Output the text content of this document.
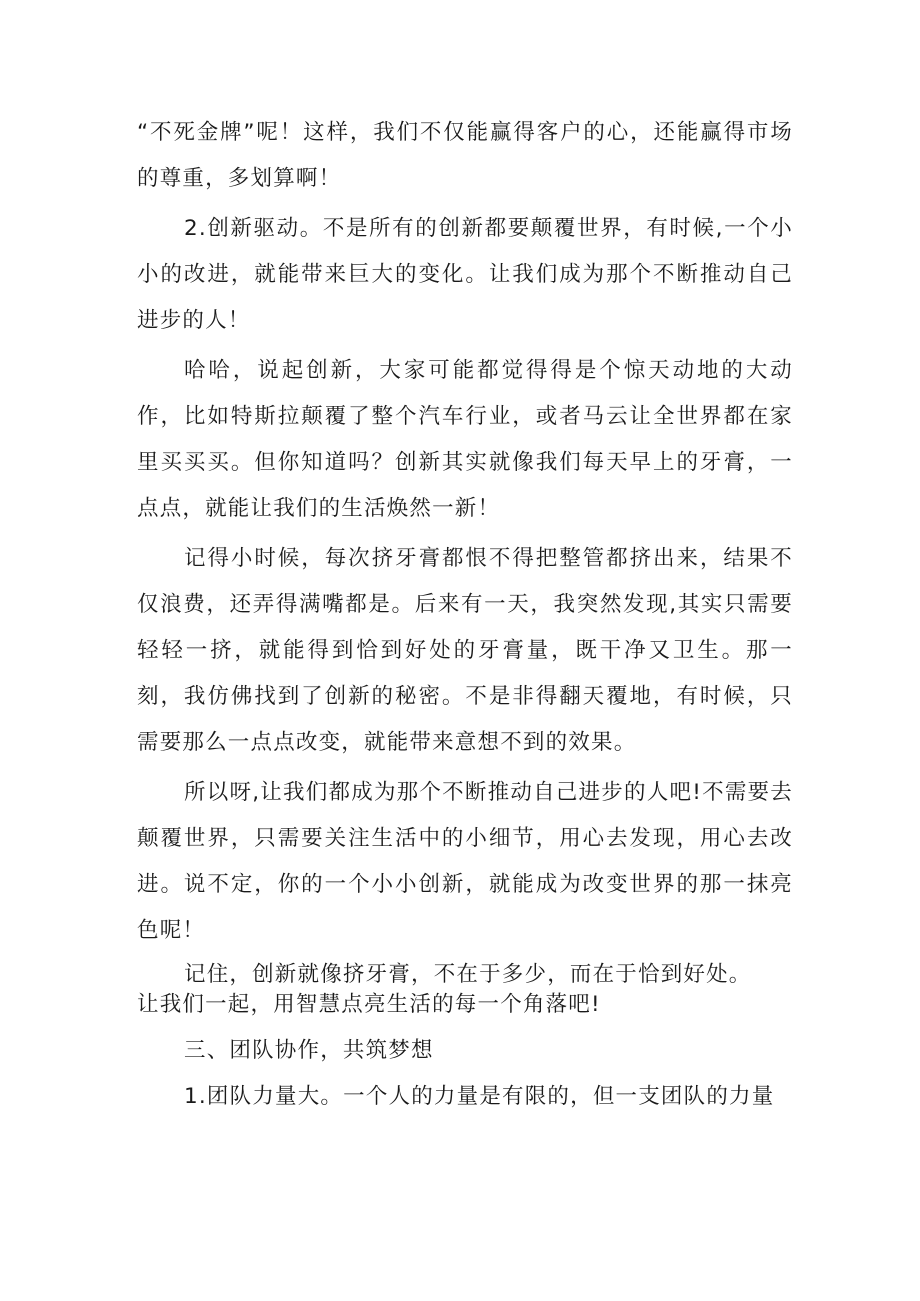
“不死金牌”呢！这样，我们不仅能赢得客户的心，还能赢得市场的尊重，多划算啊！

2.创新驱动。不是所有的创新都要颠覆世界，有时候,一个小小的改进，就能带来巨大的变化。让我们成为那个不断推动自己进步的人！

哈哈，说起创新，大家可能都觉得得是个惊天动地的大动作，比如特斯拉颠覆了整个汽车行业，或者马云让全世界都在家里买买买。但你知道吗？创新其实就像我们每天早上的牙膏，一点点，就能让我们的生活焕然一新！

记得小时候，每次挤牙膏都恨不得把整管都挤出来，结果不仅浪费，还弄得满嘴都是。后来有一天，我突然发现,其实只需要轻轻一挤，就能得到恰到好处的牙膏量，既干净又卫生。那一刻，我仿佛找到了创新的秘密。不是非得翻天覆地，有时候，只需要那么一点点改变，就能带来意想不到的效果。

所以呀,让我们都成为那个不断推动自己进步的人吧!不需要去颠覆世界，只需要关注生活中的小细节，用心去发现，用心去改进。说不定，你的一个小小创新，就能成为改变世界的那一抹亮色呢！

记住，创新就像挤牙膏，不在于多少，而在于恰到好处。
让我们一起，用智慧点亮生活的每一个角落吧!

三、团队协作，共筑梦想

1.团队力量大。一个人的力量是有限的，但一支团队的力量
